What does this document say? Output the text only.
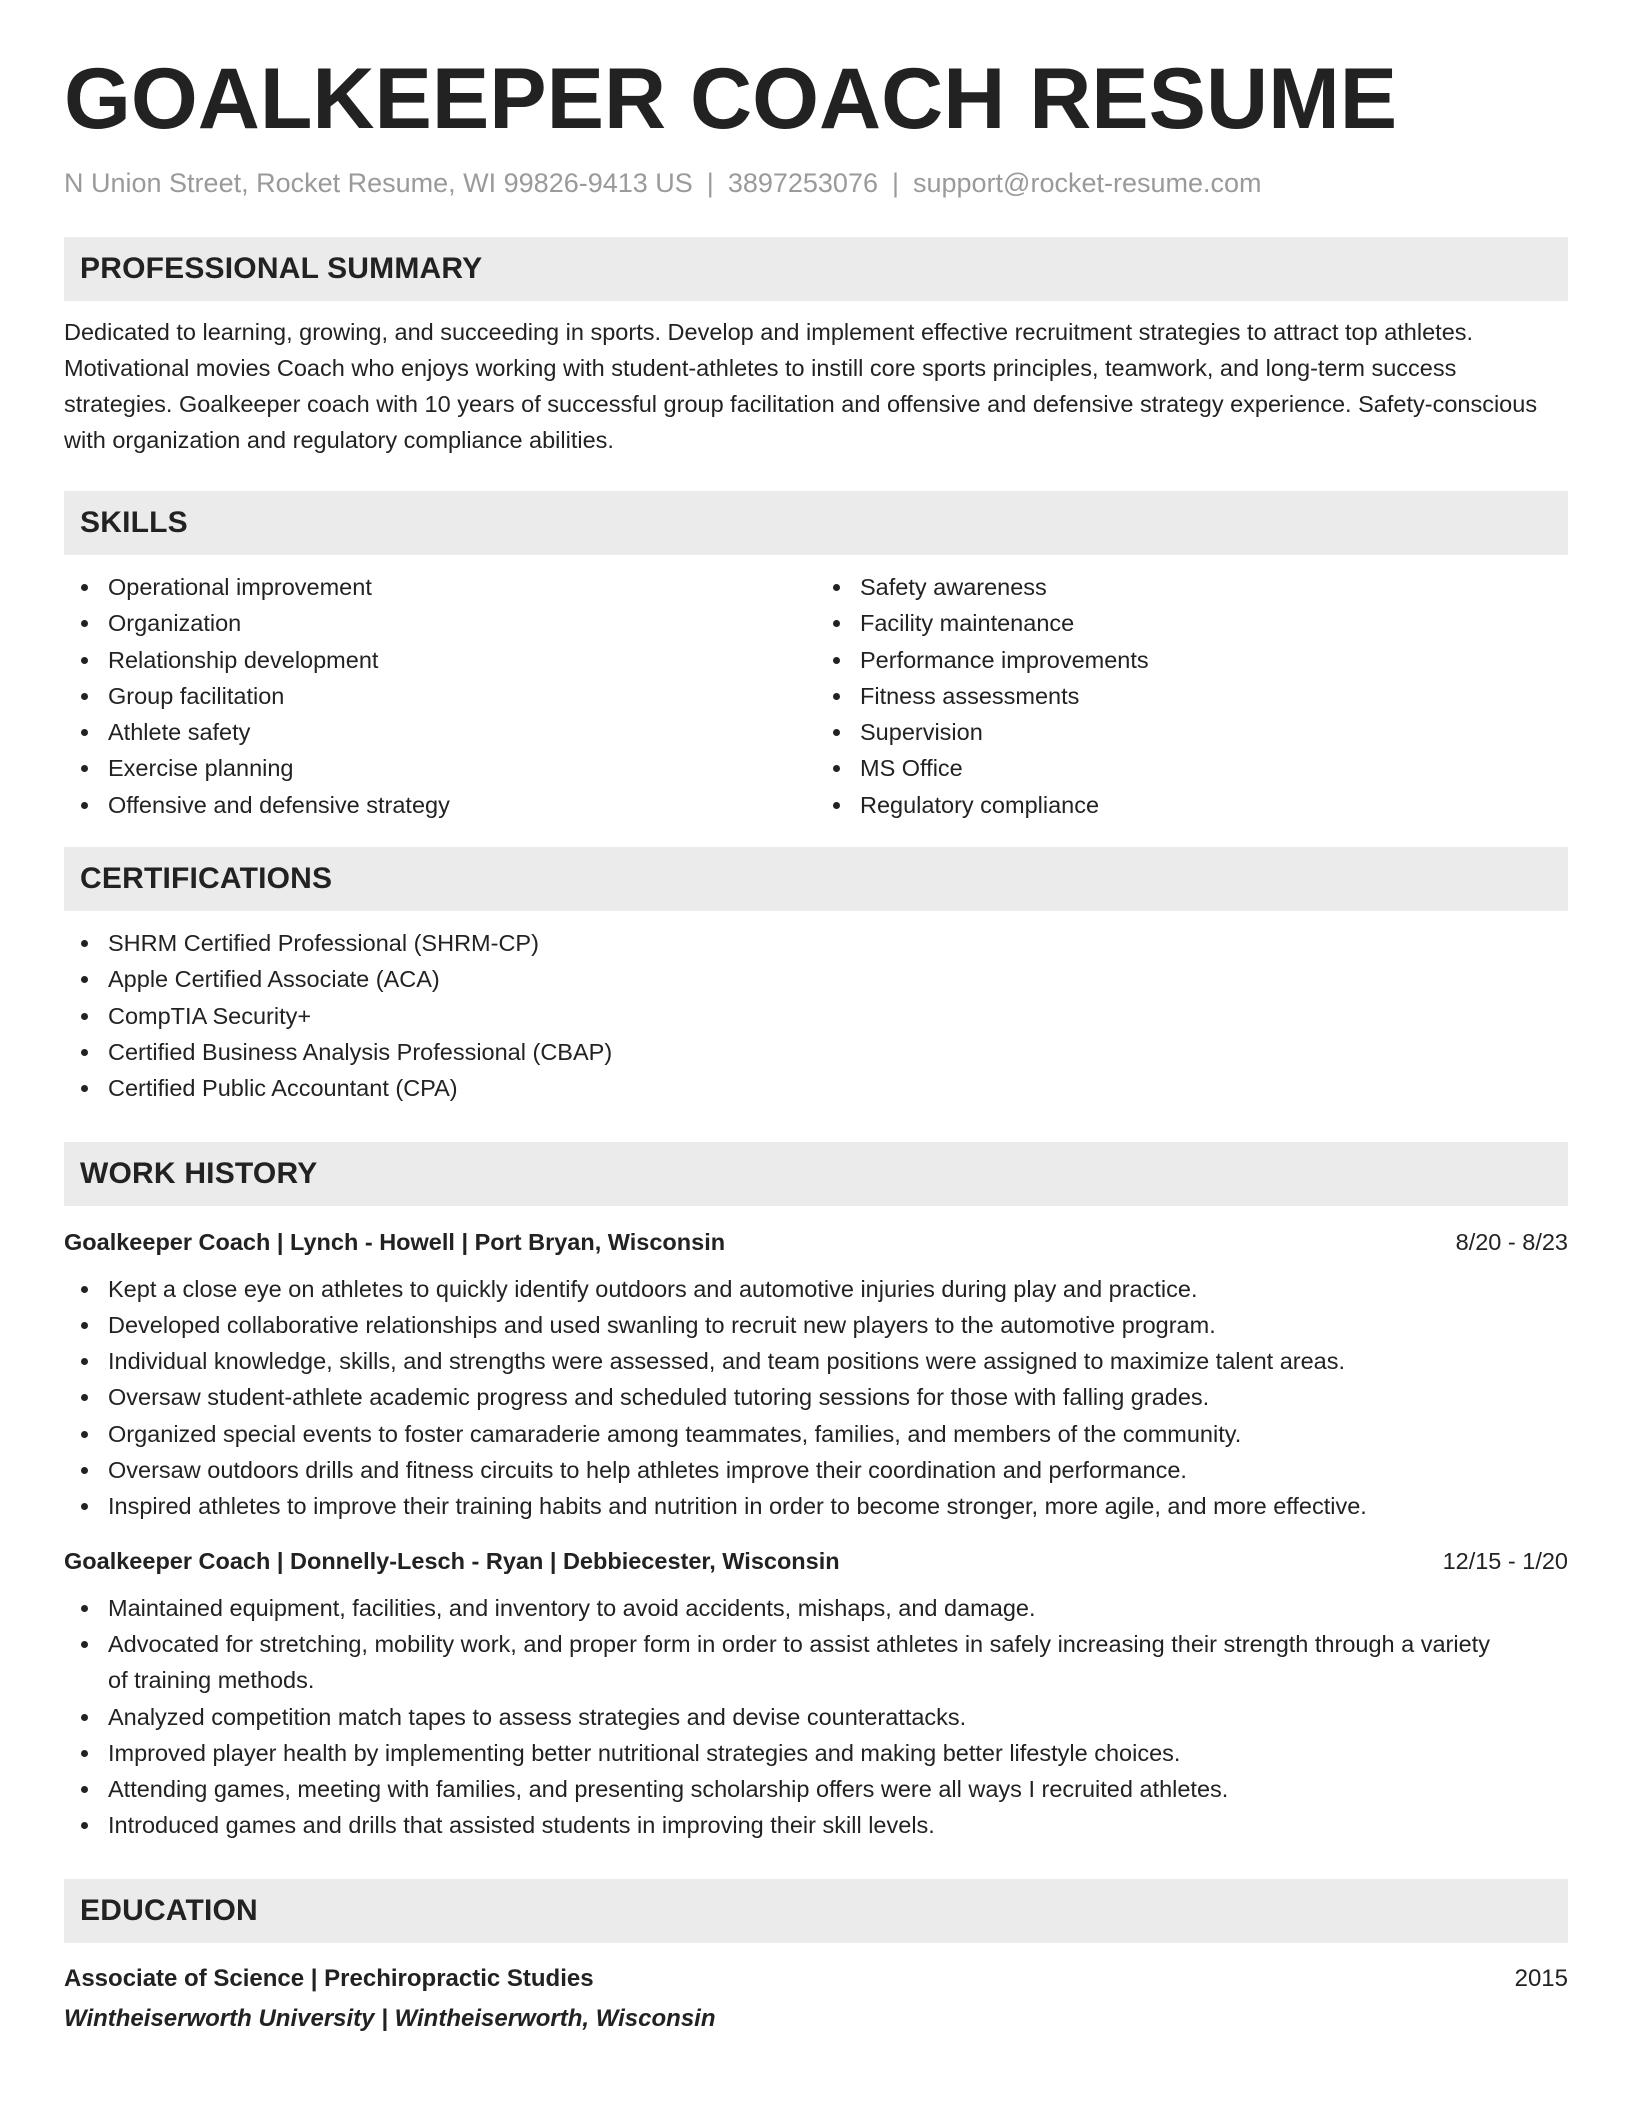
GOALKEEPER COACH RESUME
N Union Street, Rocket Resume, WI 99826-9413 US | 3897253076 | support@rocket-resume.com
PROFESSIONAL SUMMARY

Dedicated to learning, growing, and succeeding in sports. Develop and implement effective recruitment strategies to attract top athletes. Motivational movies Coach who enjoys working with student-athletes to instill core sports principles, teamwork, and long-term success strategies. Goalkeeper coach with 10 years of successful group facilitation and offensive and defensive strategy experience. Safety-conscious with organization and regulatory compliance abilities.

SKILLS
Operational improvement
Organization
Relationship development
Group facilitation
Athlete safety
Exercise planning
Offensive and defensive strategy
Safety awareness
Facility maintenance
Performance improvements
Fitness assessments
Supervision
MS Office
Regulatory compliance
CERTIFICATIONS
SHRM Certified Professional (SHRM-CP)
Apple Certified Associate (ACA)
CompTIA Security+
Certified Business Analysis Professional (CBAP)
Certified Public Accountant (CPA)
WORK HISTORY
Goalkeeper Coach | Lynch - Howell | Port Bryan, Wisconsin	8/20 - 8/23
Kept a close eye on athletes to quickly identify outdoors and automotive injuries during play and practice.
Developed collaborative relationships and used swanling to recruit new players to the automotive program.
Individual knowledge, skills, and strengths were assessed, and team positions were assigned to maximize talent areas.
Oversaw student-athlete academic progress and scheduled tutoring sessions for those with falling grades.
Organized special events to foster camaraderie among teammates, families, and members of the community.
Oversaw outdoors drills and fitness circuits to help athletes improve their coordination and performance.
Inspired athletes to improve their training habits and nutrition in order to become stronger, more agile, and more effective.
Goalkeeper Coach | Donnelly-Lesch - Ryan | Debbiecester, Wisconsin	12/15 - 1/20
Maintained equipment, facilities, and inventory to avoid accidents, mishaps, and damage.
Advocated for stretching, mobility work, and proper form in order to assist athletes in safely increasing their strength through a variety of training methods.
Analyzed competition match tapes to assess strategies and devise counterattacks.
Improved player health by implementing better nutritional strategies and making better lifestyle choices.
Attending games, meeting with families, and presenting scholarship offers were all ways I recruited athletes.
Introduced games and drills that assisted students in improving their skill levels.
EDUCATION
Associate of Science | Prechiropractic Studies	2015
Wintheiserworth University | Wintheiserworth, Wisconsin
